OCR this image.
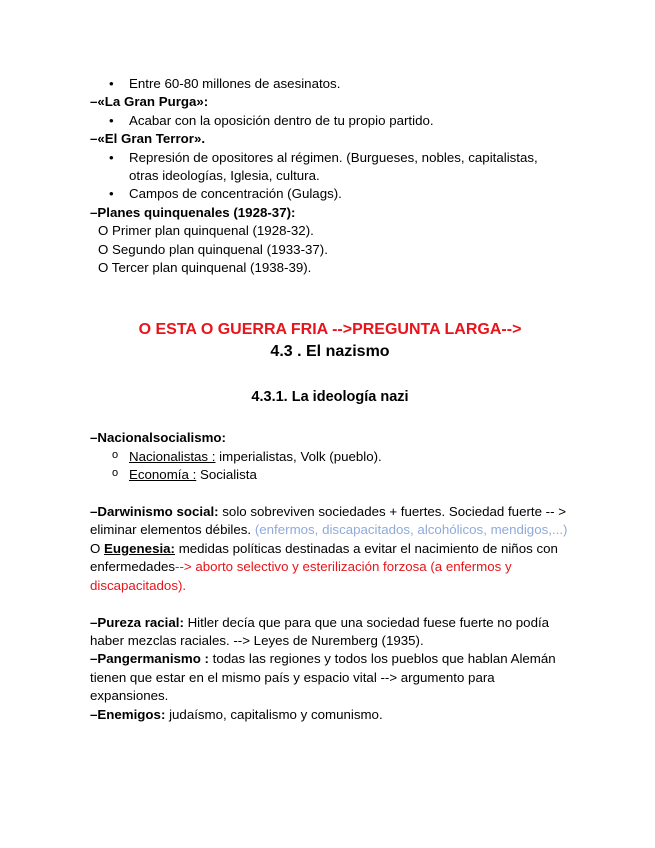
• Entre 60-80 millones de asesinatos.
–«La Gran Purga»:
• Acabar con la oposición dentro de tu propio partido.
–«El Gran Terror».
• Represión de opositores al régimen. (Burgueses, nobles, capitalistas,
otras ideologías, Iglesia, cultura.
• Campos de concentración (Gulags).
–Planes quinquenales (1928-37):
O Primer plan quinquenal (1928-32).
O Segundo plan quinquenal (1933-37).
O Tercer plan quinquenal (1938-39).
O ESTA O GUERRA FRIA -->PREGUNTA LARGA-->
4.3 . El nazismo
4.3.1. La ideología nazi
–Nacionalsocialismo:
o Nacionalistas : imperialistas, Volk (pueblo).
o Economía : Socialista
–Darwinismo social: solo sobreviven sociedades + fuertes. Sociedad fuerte -- > eliminar elementos débiles. (enfermos, discapacitados, alcohólicos, mendigos,...)
O Eugenesia: medidas políticas destinadas a evitar el nacimiento de niños con enfermedades--> aborto selectivo y esterilización forzosa (a enfermos y discapacitados).
–Pureza racial: Hitler decía que para que una sociedad fuese fuerte no podía haber mezclas raciales. --> Leyes de Nuremberg (1935).
–Pangermanismo : todas las regiones y todos los pueblos que hablan Alemán tienen que estar en el mismo país y espacio vital --> argumento para expansiones.
–Enemigos: judaísmo, capitalismo y comunismo.
